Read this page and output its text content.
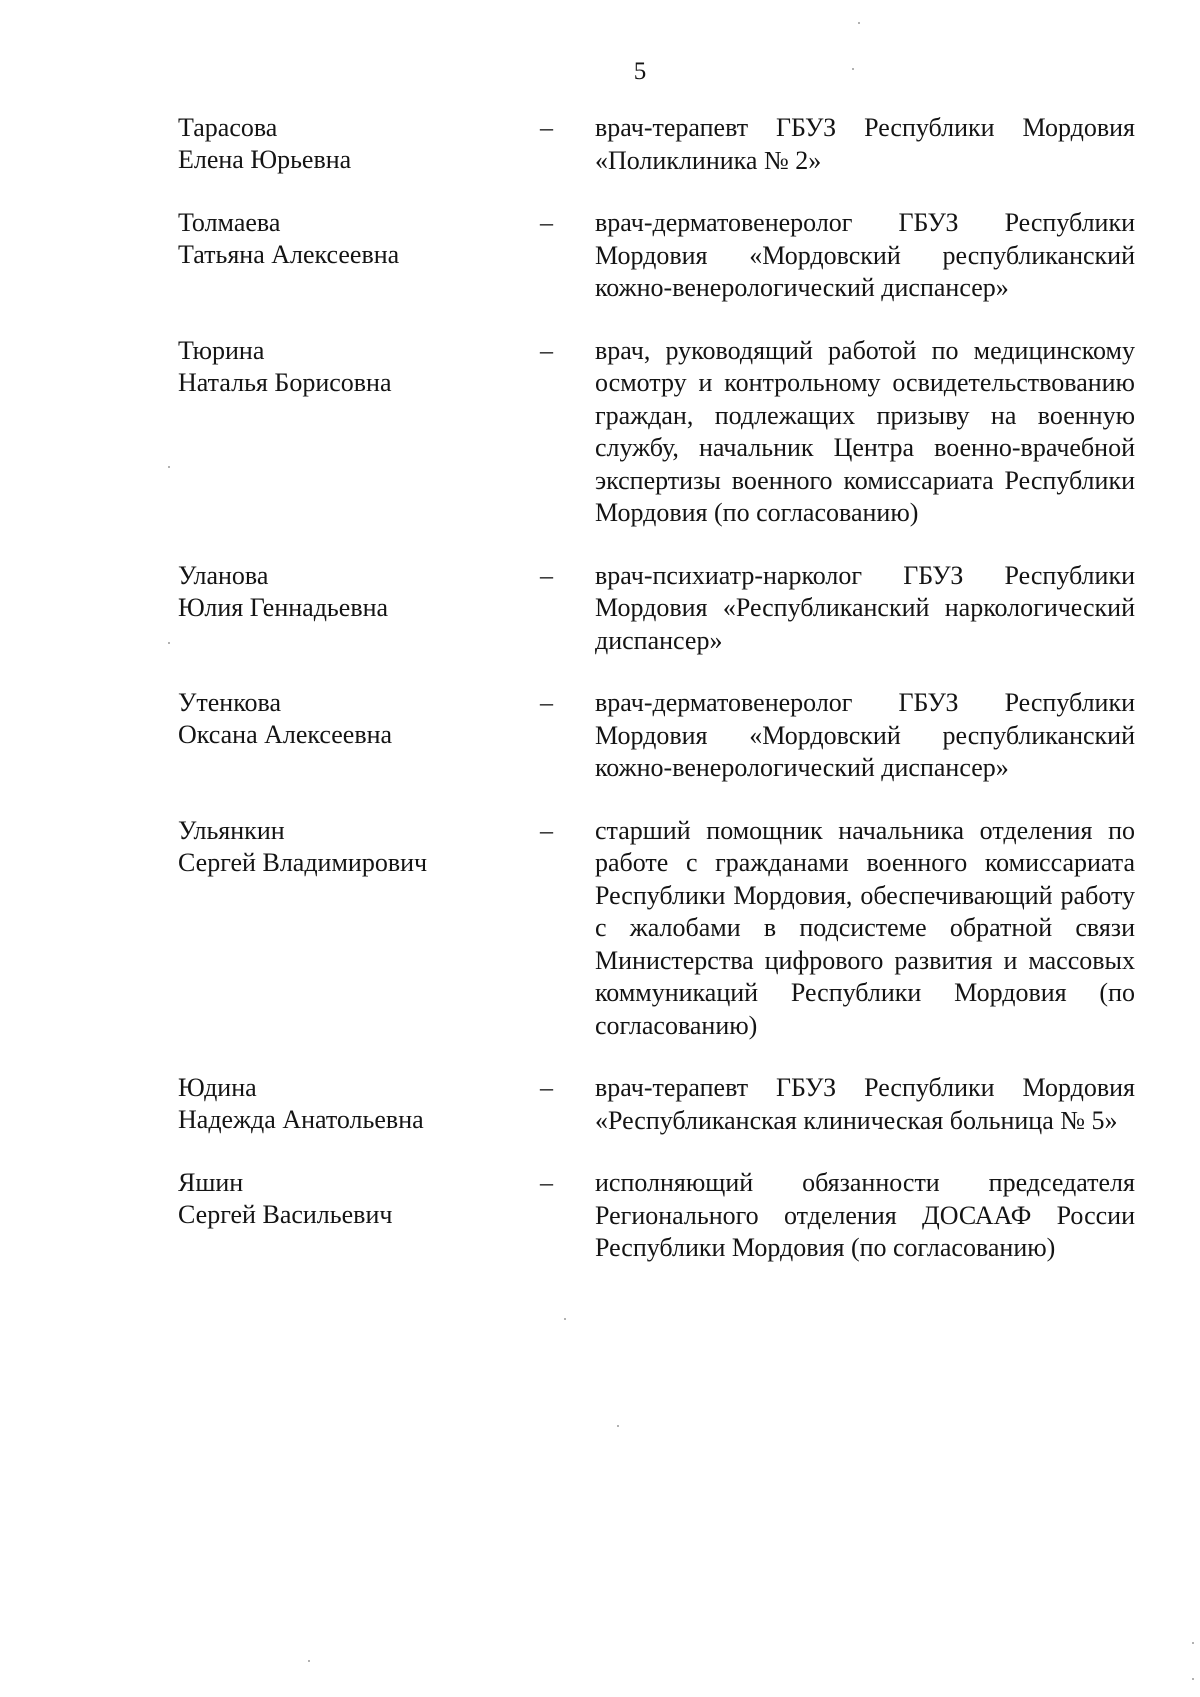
5
Тарасова
Елена Юрьевна
– врач-терапевт ГБУЗ Республики Мордовия «Поликлиника № 2»
Толмаева
Татьяна Алексеевна
– врач-дерматовенеролог ГБУЗ Республики Мордовия «Мордовский республиканский кожно-венерологический диспансер»
Тюрина
Наталья Борисовна
– врач, руководящий работой по медицинскому осмотру и контрольному освидетельствованию граждан, подлежащих призыву на военную службу, начальник Центра военно-врачебной экспертизы военного комиссариата Республики Мордовия (по согласованию)
Уланова
Юлия Геннадьевна
– врач-психиатр-нарколог ГБУЗ Республики Мордовия «Республиканский наркологический диспансер»
Утенкова
Оксана Алексеевна
– врач-дерматовенеролог ГБУЗ Республики Мордовия «Мордовский республиканский кожно-венерологический диспансер»
Ульянкин
Сергей Владимирович
– старший помощник начальника отделения по работе с гражданами военного комиссариата Республики Мордовия, обеспечивающий работу с жалобами в подсистеме обратной связи Министерства цифрового развития и массовых коммуникаций Республики Мордовия (по согласованию)
Юдина
Надежда Анатольевна
– врач-терапевт ГБУЗ Республики Мордовия «Республиканская клиническая больница № 5»
Яшин
Сергей Васильевич
– исполняющий обязанности председателя Регионального отделения ДОСААФ России Республики Мордовия (по согласованию)
